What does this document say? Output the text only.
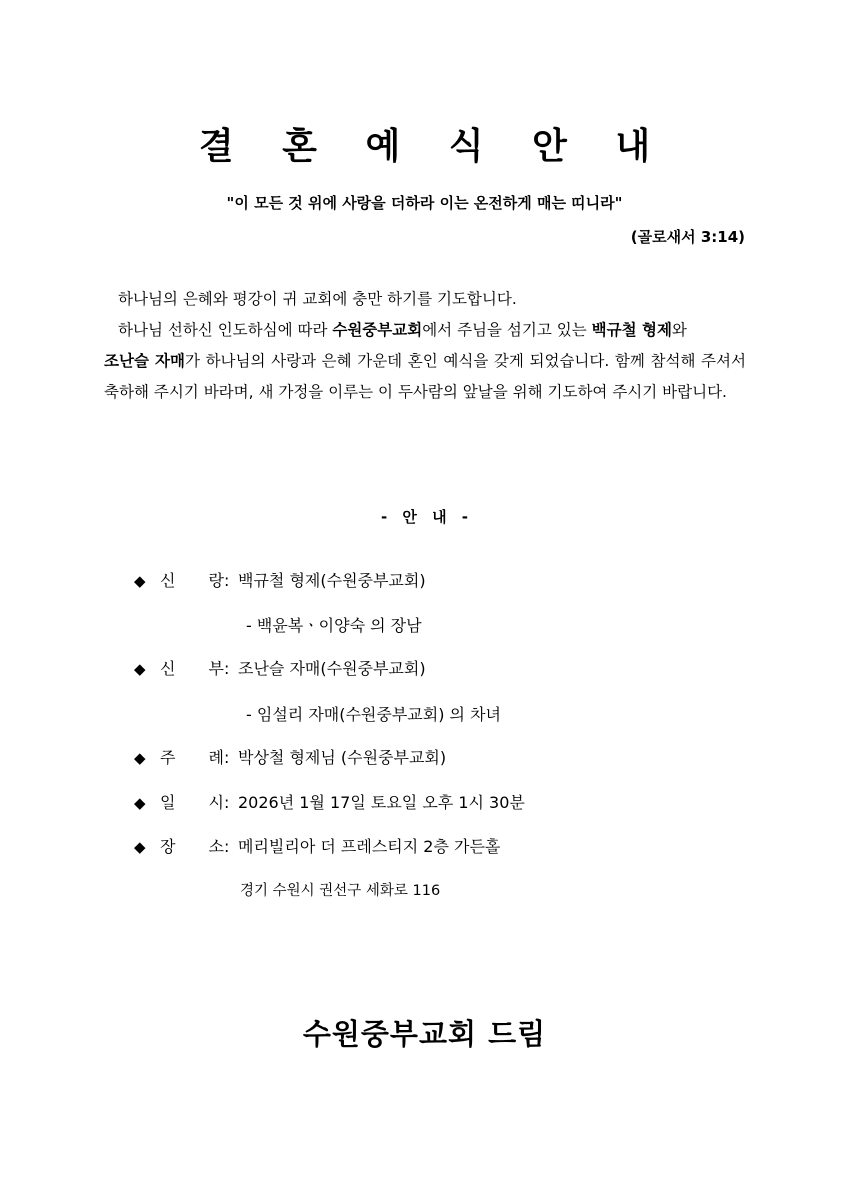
결 혼 예 식 안 내
"이 모든 것 위에 사랑을 더하라 이는 온전하게 매는 띠니라"
(골로새서 3:14)

하나님의 은혜와 평강이 귀 교회에 충만 하기를 기도합니다.

하나님 선하신 인도하심에 따라 수원중부교회에서 주님을 섬기고 있는 백규철 형제와
조난슬 자매가 하나님의 사랑과 은혜 가운데 혼인 예식을 갖게 되었습니다. 함께 참석해 주셔서 축하해 주시기 바라며, 새 가정을 이루는 이 두사람의 앞날을 위해 기도하여 주시기 바랍니다.

- 안 내 -
◆ 신 랑 : 백규철 형제(수원중부교회)
- 백윤복ㆍ이양숙 의 장남
◆ 신 부 : 조난슬 자매(수원중부교회)
- 임설리 자매(수원중부교회) 의 차녀
◆ 주 례 : 박상철 형제님 (수원중부교회)
◆ 일 시 : 2026년 1월 17일 토요일 오후 1시 30분
◆ 장 소 : 메리빌리아 더 프레스티지 2층 가든홀
경기 수원시 권선구 세화로 116
수원중부교회 드림
